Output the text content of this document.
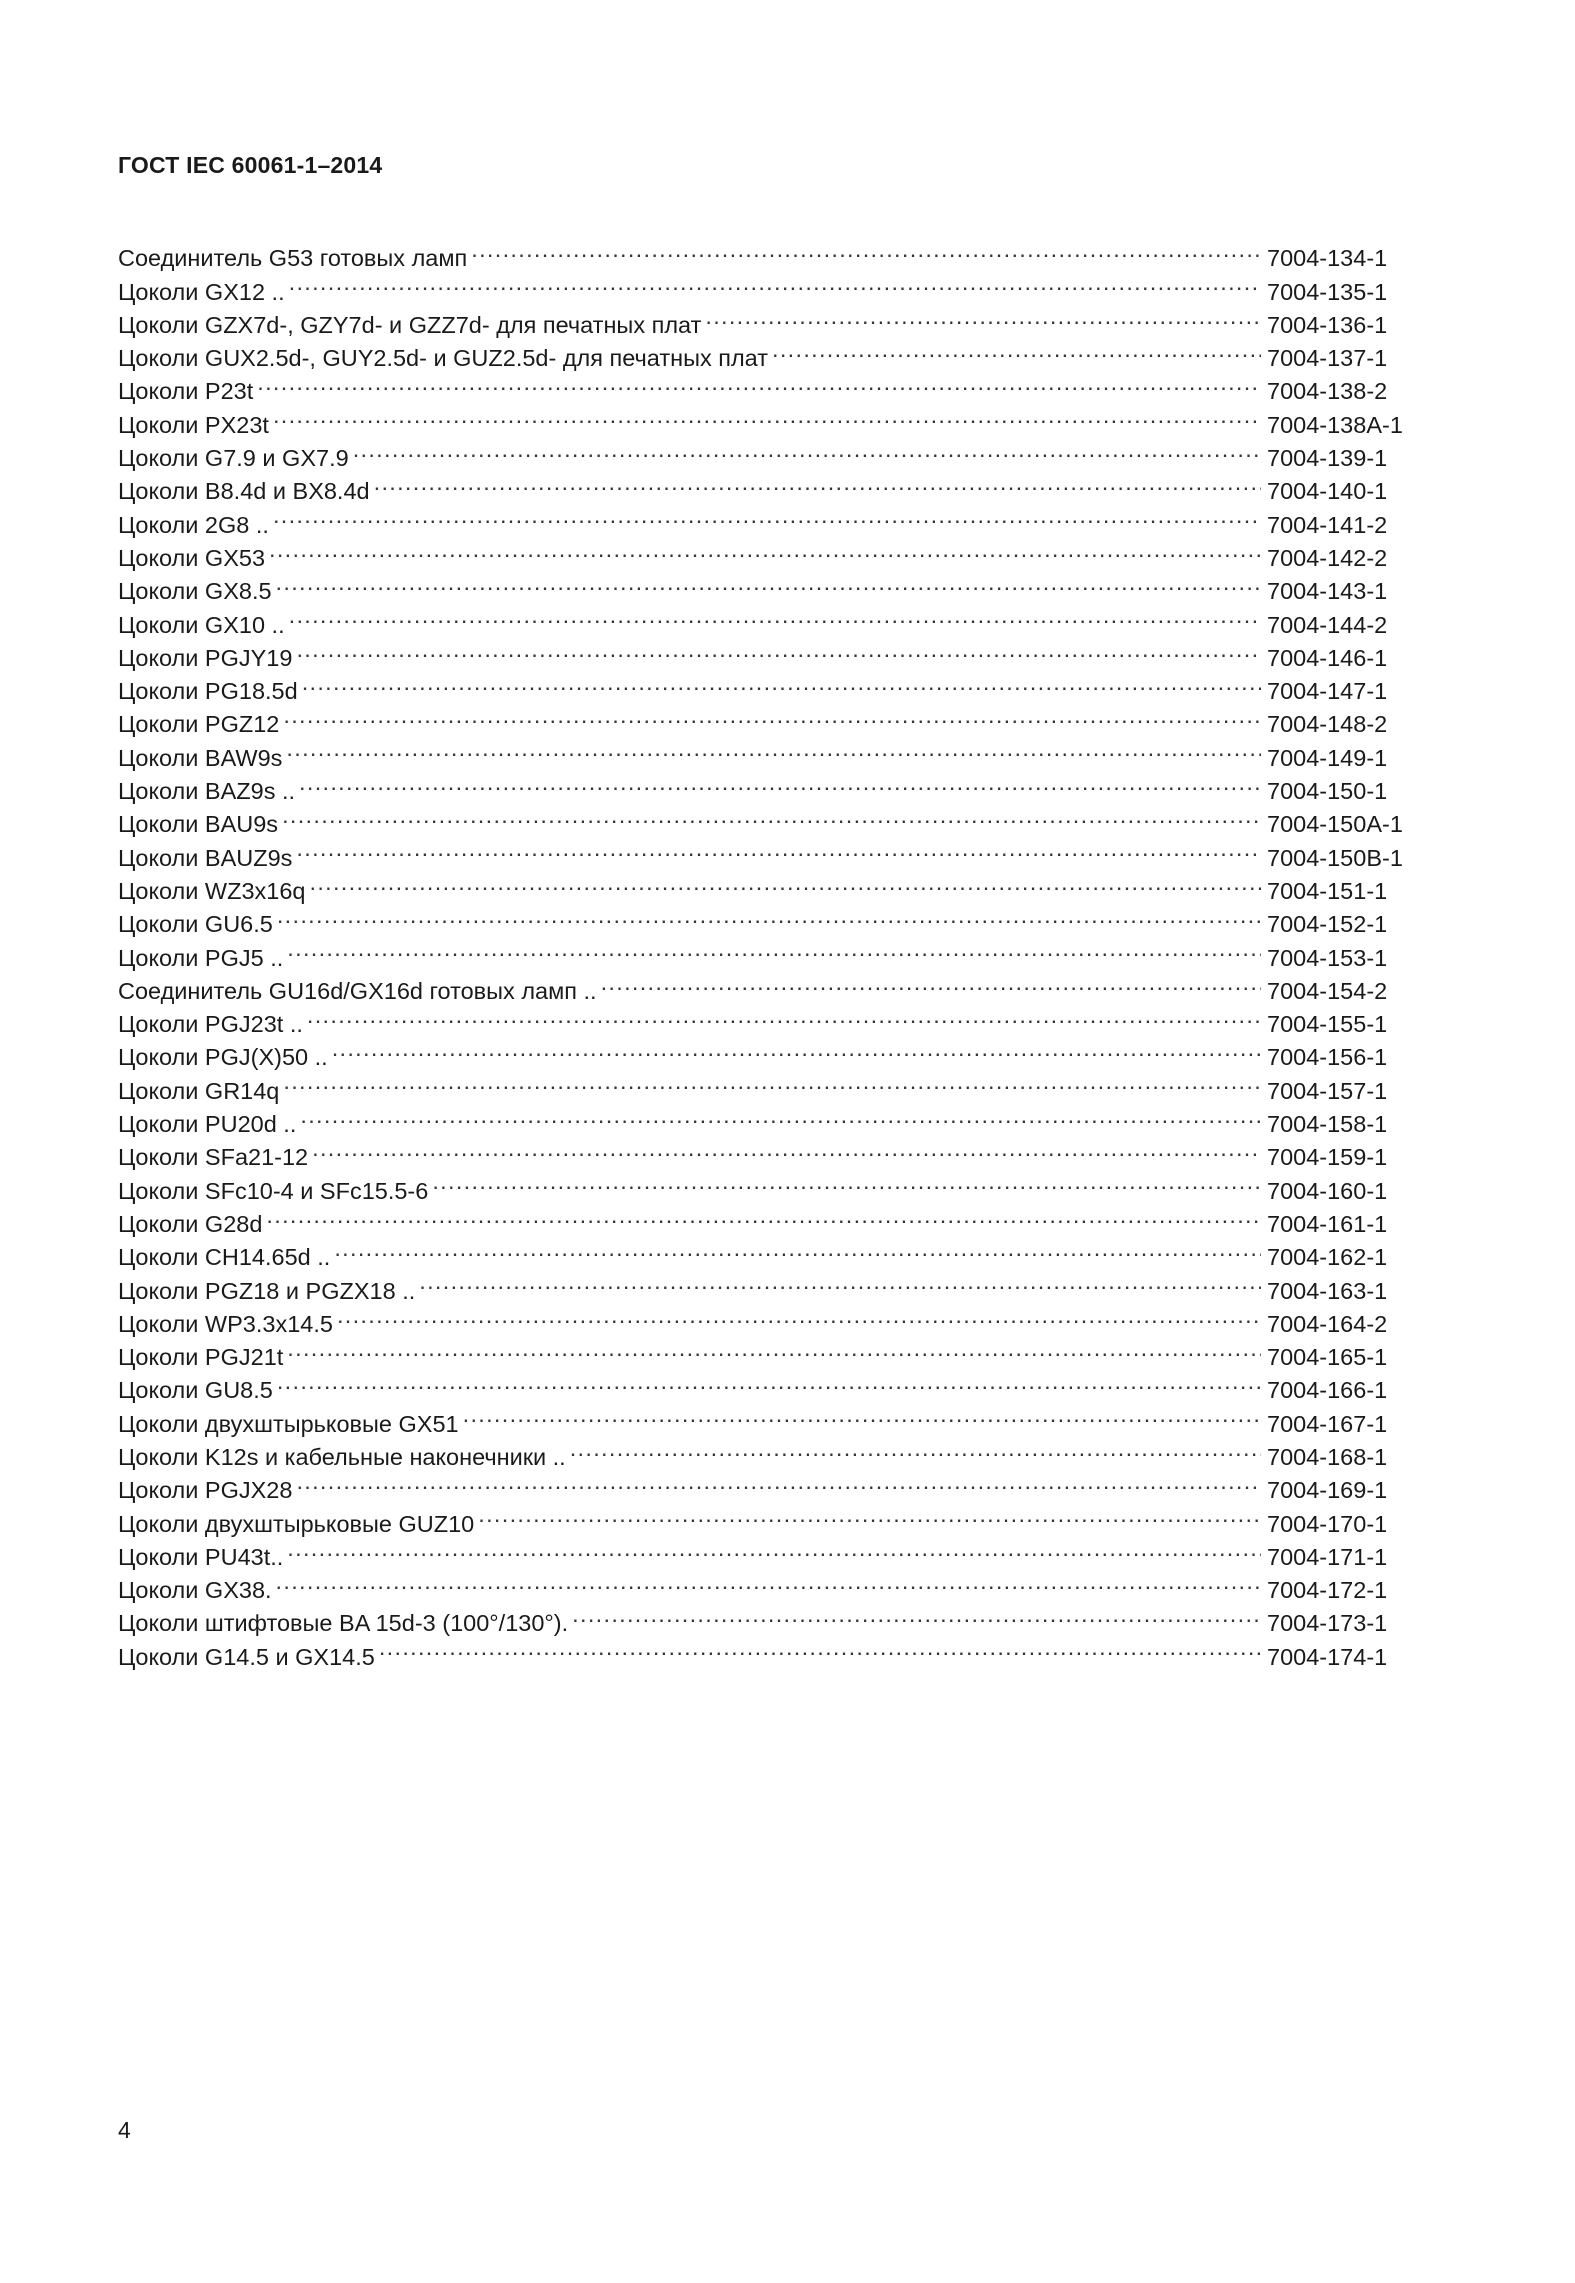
ГОСТ IEC 60061-1–2014
Соединитель G53 готовых ламп .....	7004-134-1
Цоколи GX12 .. .....	7004-135-1
Цоколи GZX7d-, GZY7d- и GZZ7d- для печатных плат .....	7004-136-1
Цоколи GUX2.5d-, GUY2.5d- и GUZ2.5d- для печатных плат .....	7004-137-1
Цоколи P23t .....	7004-138-2
Цоколи PX23t .....	7004-138A-1
Цоколи G7.9 и GX7.9 .....	7004-139-1
Цоколи B8.4d и BX8.4d .....	7004-140-1
Цоколи 2G8 .. .....	7004-141-2
Цоколи GX53 .....	7004-142-2
Цоколи GX8.5 .....	7004-143-1
Цоколи GX10 .. .....	7004-144-2
Цоколи PGJY19 .....	7004-146-1
Цоколи PG18.5d .....	7004-147-1
Цоколи PGZ12 .....	7004-148-2
Цоколи BAW9s .....	7004-149-1
Цоколи BAZ9s .. .....	7004-150-1
Цоколи BAU9s .....	7004-150A-1
Цоколи BAUZ9s .....	7004-150B-1
Цоколи WZ3x16q .....	7004-151-1
Цоколи GU6.5 .....	7004-152-1
Цоколи PGJ5 .. .....	7004-153-1
Соединитель GU16d/GX16d готовых ламп .. .....	7004-154-2
Цоколи PGJ23t .. .....	7004-155-1
Цоколи PGJ(X)50 .. .....	7004-156-1
Цоколи GR14q .....	7004-157-1
Цоколи PU20d .. .....	7004-158-1
Цоколи SFa21-12 .....	7004-159-1
Цоколи SFc10-4 и SFc15.5-6 .....	7004-160-1
Цоколи G28d .....	7004-161-1
Цоколи CH14.65d .. .....	7004-162-1
Цоколи PGZ18 и PGZX18 .. .....	7004-163-1
Цоколи WP3.3x14.5 .....	7004-164-2
Цоколи PGJ21t .....	7004-165-1
Цоколи GU8.5 .....	7004-166-1
Цоколи двухштырьковые GX51 .....	7004-167-1
Цоколи K12s и кабельные наконечники .. .....	7004-168-1
Цоколи PGJX28 .....	7004-169-1
Цоколи двухштырьковые GUZ10 .....	7004-170-1
Цоколи PU43t.. .....	7004-171-1
Цоколи GX38. .....	7004-172-1
Цоколи штифтовые BA 15d-3 (100°/130°). .....	7004-173-1
Цоколи G14.5 и GX14.5 .....	7004-174-1
4
